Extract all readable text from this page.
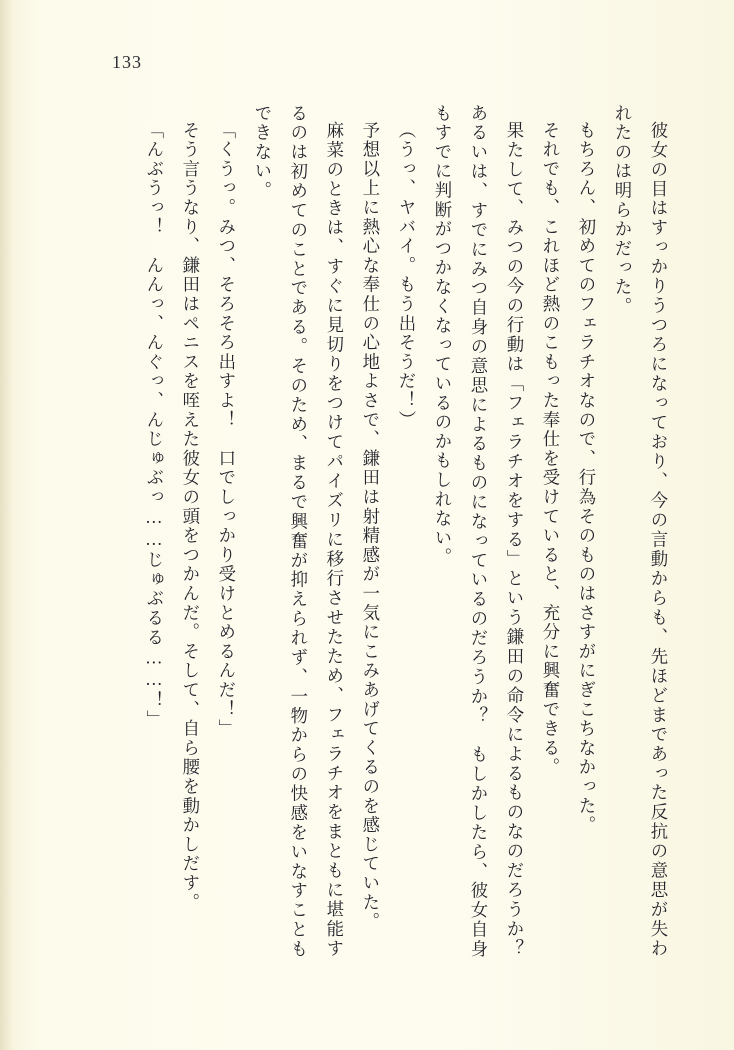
133

彼女の目はすっかりうつろになっており、今の言動からも、先ほどまであった反抗の意思が失われたのは明らかだった。

もちろん、初めてのフェラチオなので、行為そのものはさすがにぎこちなかった。

それでも、これほど熱のこもった奉仕を受けていると、充分に興奮できる。

果たして、みつの今の行動は「フェラチオをする」という鎌田の命令によるものなのだろうか？　あるいは、すでにみつ自身の意思によるものになっているのだろうか？　もしかしたら、彼女自身もすでに判断がつかなくなっているのかもしれない。

（うっ、ヤバイ。もう出そうだ！）

予想以上に熱心な奉仕の心地よさで、鎌田は射精感が一気にこみあげてくるのを感じていた。

麻菜のときは、すぐに見切りをつけてパイズリに移行させたため、フェラチオをまともに堪能するのは初めてのことである。そのため、まるで興奮が抑えられず、一物からの快感をいなすこともできない。

「くうっ。みつ、そろそろ出すよ！　口でしっかり受けとめるんだ！」

そう言うなり、鎌田はペニスを咥えた彼女の頭をつかんだ。そして、自ら腰を動かしだす。

「んぶうっ！　んんっ、んぐっ、んじゅぶっ……じゅぶるる……！」
